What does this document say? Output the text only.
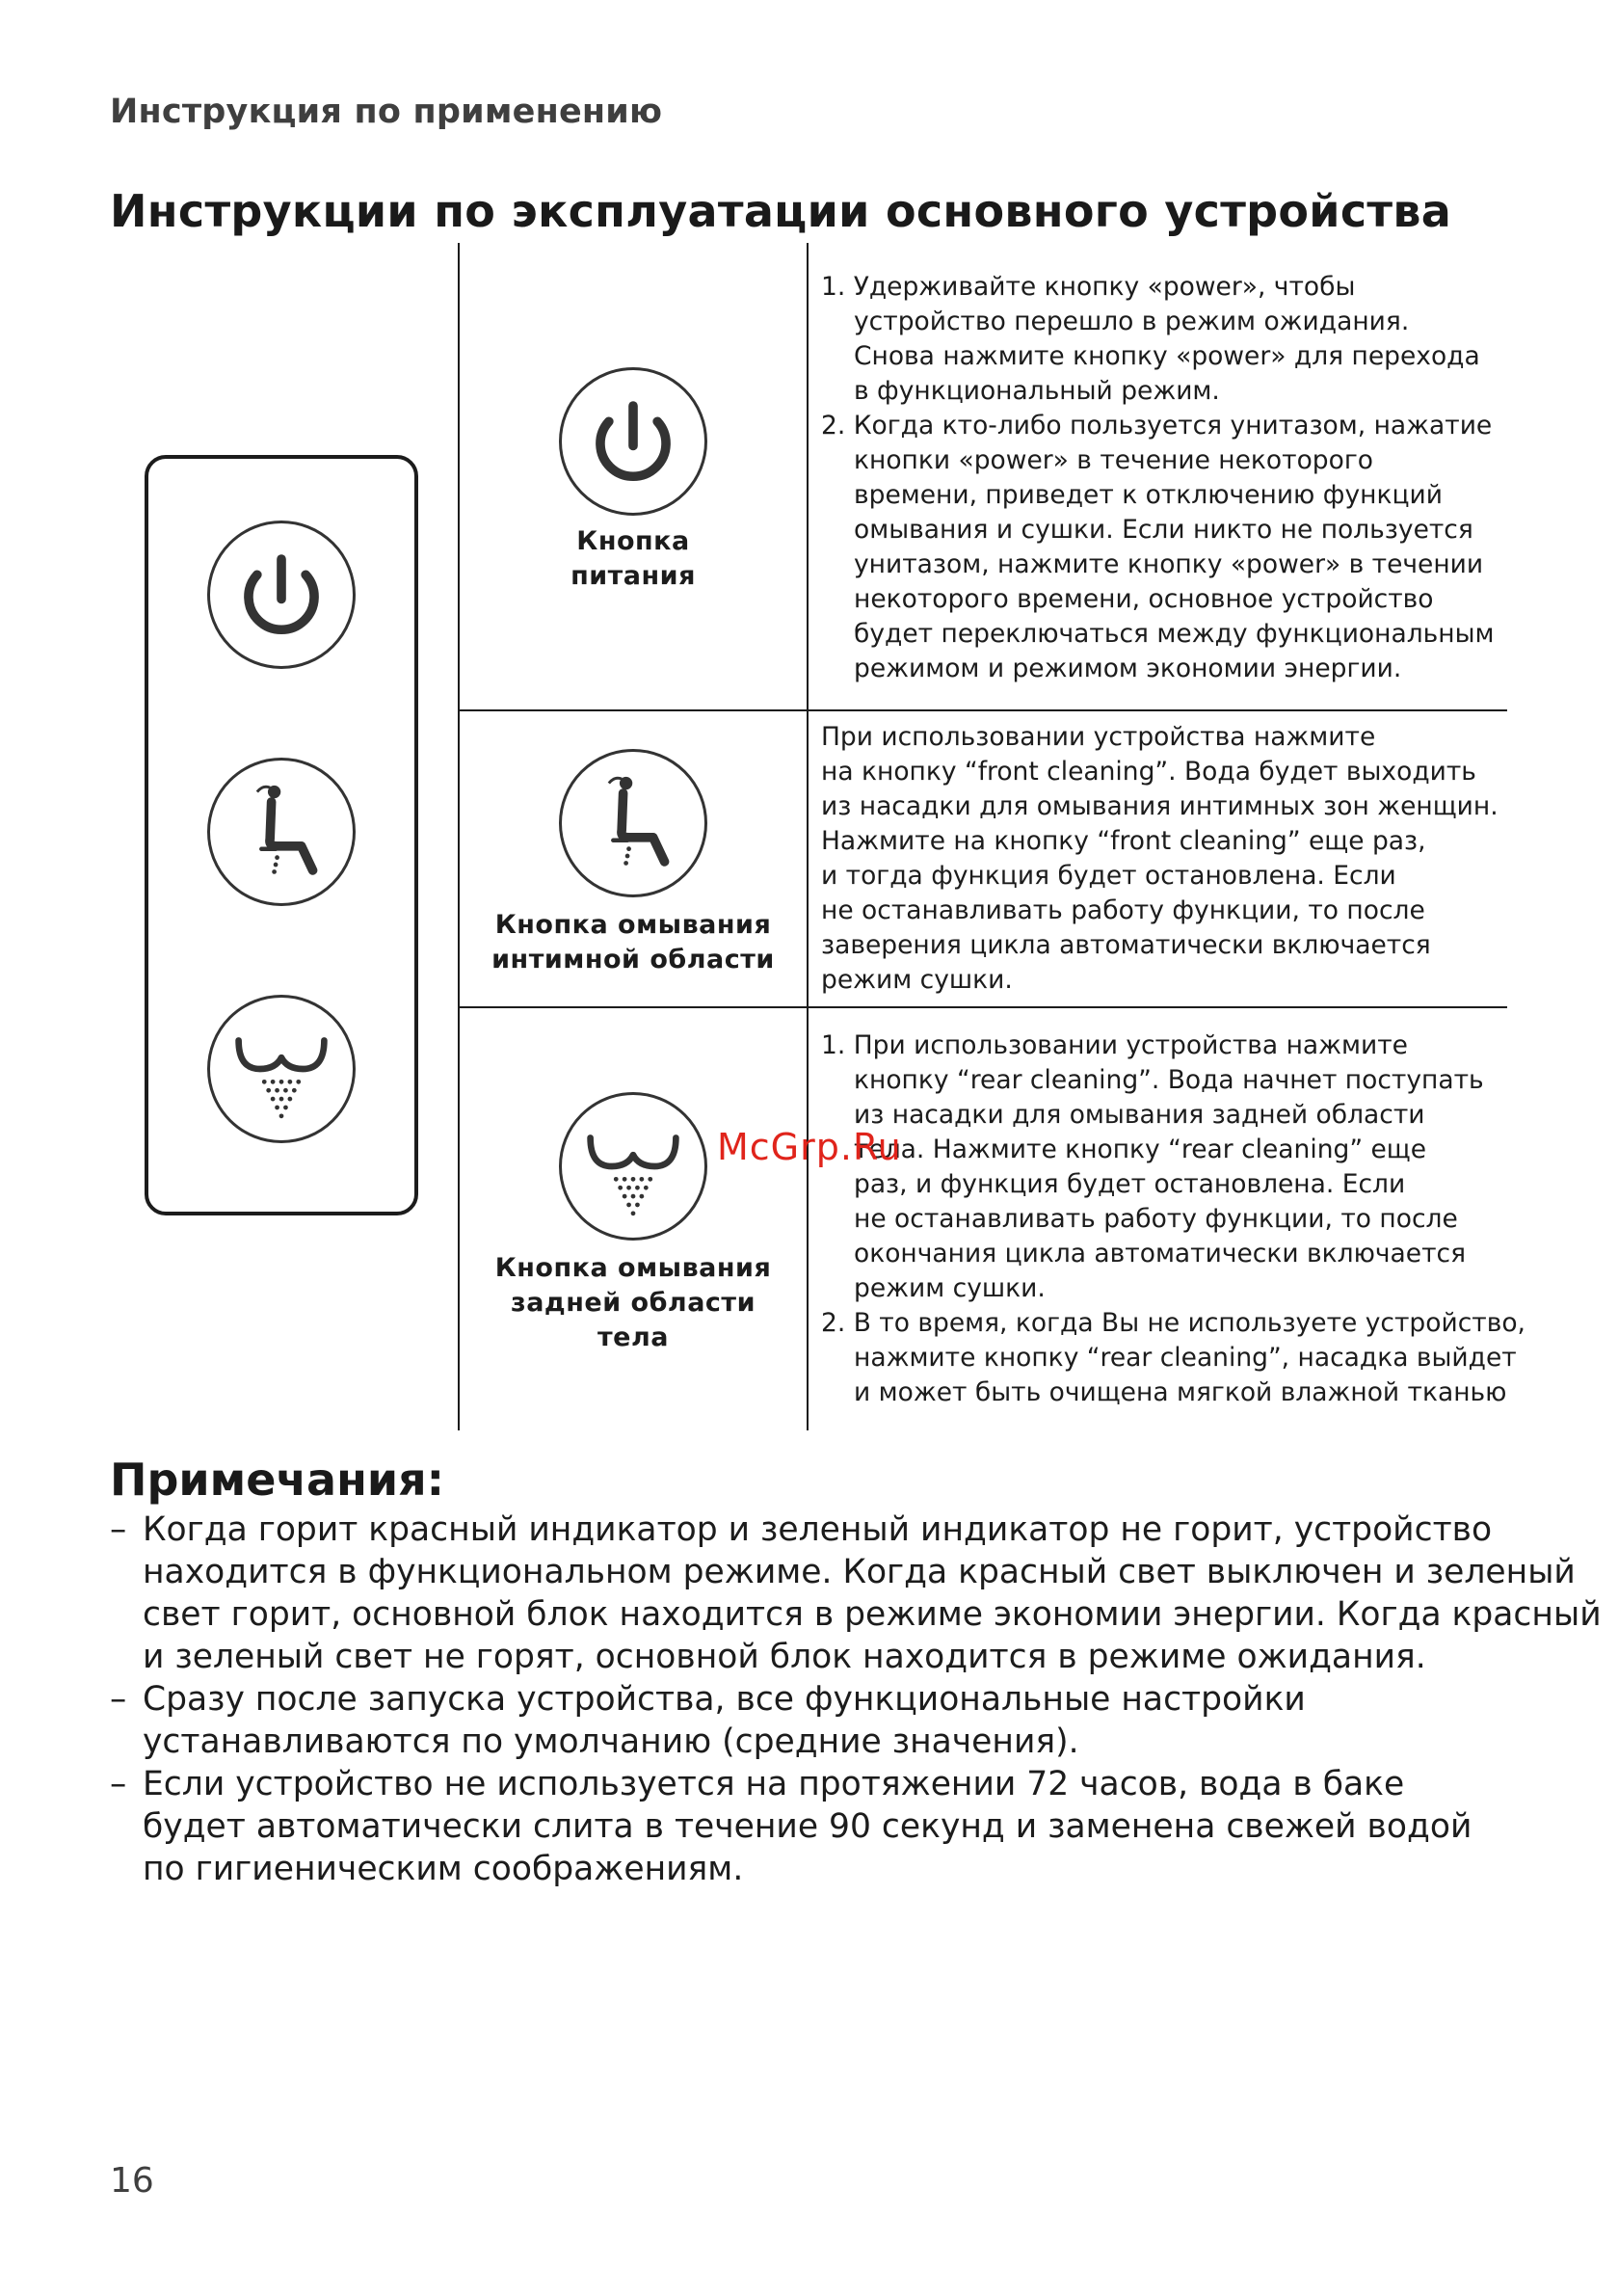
Инструкция по применению
Инструкции по эксплуатации основного устройства

Кнопка
питания

1. Удерживайте кнопку «power», чтобы
устройство перешло в режим ожидания.
Снова нажмите кнопку «power» для перехода
в функциональный режим.
2. Когда кто-либо пользуется унитазом, нажатие
кнопки «power» в течение некоторого
времени, приведет к отключению функций
омывания и сушки. Если никто не пользуется
унитазом, нажмите кнопку «power» в течении
некоторого времени, основное устройство
будет переключаться между функциональным
режимом и режимом экономии энергии.

Кнопка омывания
интимной области

При использовании устройства нажмите
на кнопку “front cleaning”. Вода будет выходить
из насадки для омывания интимных зон женщин.
Нажмите на кнопку “front cleaning” еще раз,
и тогда функция будет остановлена. Если
не останавливать работу функции, то после
заверения цикла автоматически включается
режим сушки.

Кнопка омывания
задней области
тела

1. При использовании устройства нажмите
кнопку “rear cleaning”. Вода начнет поступать
из насадки для омывания задней области
тела. Нажмите кнопку “rear cleaning” еще
раз, и функция будет остановлена. Если
не останавливать работу функции, то после
окончания цикла автоматически включается
режим сушки.
2. В то время, когда Вы не используете устройство,
нажмите кнопку “rear cleaning”, насадка выйдет
и может быть очищена мягкой влажной тканью

McGrp.Ru

Примечания:
– Когда горит красный индикатор и зеленый индикатор не горит, устройство
находится в функциональном режиме. Когда красный свет выключен и зеленый
свет горит, основной блок находится в режиме экономии энергии. Когда красный
и зеленый свет не горят, основной блок находится в режиме ожидания.
– Сразу после запуска устройства, все функциональные настройки
устанавливаются по умолчанию (средние значения).
– Если устройство не используется на протяжении 72 часов, вода в баке
будет автоматически слита в течение 90 секунд и заменена свежей водой
по гигиеническим соображениям.

16
